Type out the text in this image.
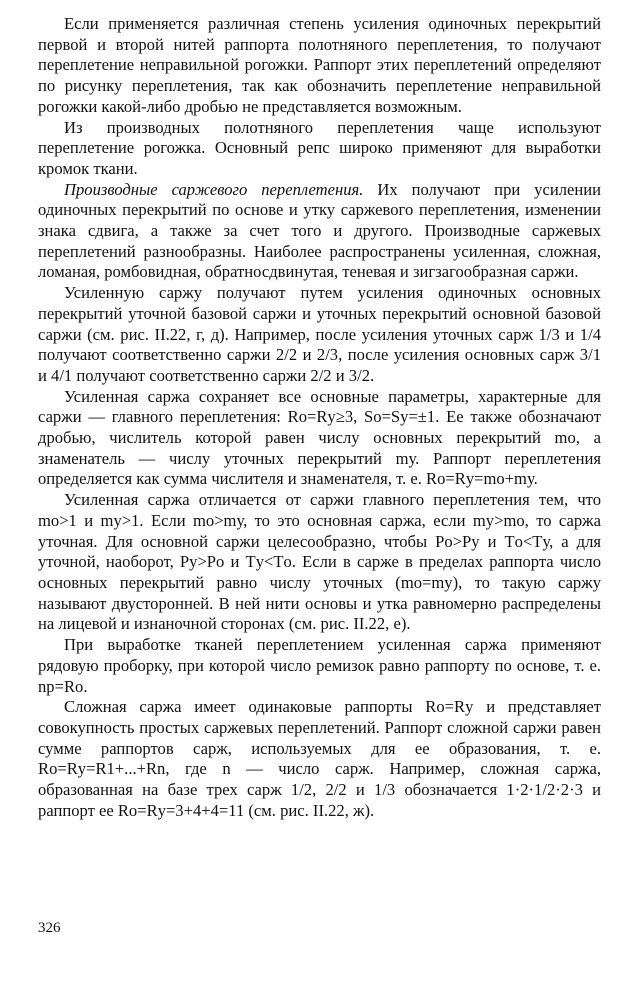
Если применяется различная степень усиления одиночных перекрытий первой и второй нитей раппорта полотняного переплетения, то получают переплетение неправильной рогожки. Раппорт этих переплетений определяют по рисунку переплетения, так как обозначить переплетение неправильной рогожки какой-либо дробью не представляется возможным.

Из производных полотняного переплетения чаще используют переплетение рогожка. Основный репс широко применяют для выработки кромок ткани.

Производные саржевого переплетения. Их получают при усилении одиночных перекрытий по основе и утку саржевого переплетения, изменении знака сдвига, а также за счет того и другого. Производные саржевых переплетений разнообразны. Наиболее распространены усиленная, сложная, ломаная, ромбовидная, обратносдвинутая, теневая и зигзагообразная саржи.

Усиленную саржу получают путем усиления одиночных основных перекрытий уточной базовой саржи и уточных перекрытий основной базовой саржи (см. рис. II.22, г, д). Например, после усиления уточных сарж 1/3 и 1/4 получают соответственно саржи 2/2 и 2/3, после усиления основных сарж 3/1 и 4/1 получают соответственно саржи 2/2 и 3/2.

Усиленная саржа сохраняет все основные параметры, характерные для саржи — главного переплетения: Rо=Rу≥3, Sо=Sу=±1. Ее также обозначают дробью, числитель которой равен числу основных перекрытий mо, а знаменатель — числу уточных перекрытий mу. Раппорт переплетения определяется как сумма числителя и знаменателя, т. е. Rо=Rу=mо+mу.

Усиленная саржа отличается от саржи главного переплетения тем, что mо>1 и mу>1. Если mо>mу, то это основная саржа, если mу>mо, то саржа уточная. Для основной саржи целесообразно, чтобы Pо>Pу и Tо<Tу, а для уточной, наоборот, Pу>Pо и Tу<Tо. Если в сарже в пределах раппорта число основных перекрытий равно числу уточных (mо=mу), то такую саржу называют двусторонней. В ней нити основы и утка равномерно распределены на лицевой и изнаночной сторонах (см. рис. II.22, е).

При выработке тканей переплетением усиленная саржа применяют рядовую проборку, при которой число ремизок равно раппорту по основе, т. е. nр=Rо.

Сложная саржа имеет одинаковые раппорты Rо=Rу и представляет совокупность простых саржевых переплетений. Раппорт сложной саржи равен сумме раппортов сарж, используемых для ее образования, т. е. Rо=Rу=R1+...+Rn, где n — число сарж. Например, сложная саржа, образованная на базе трех сарж 1/2, 2/2 и 1/3 обозначается 1·2·1/2·2·3 и раппорт ее Rо=Rу=3+4+4=11 (см. рис. II.22, ж).

326
